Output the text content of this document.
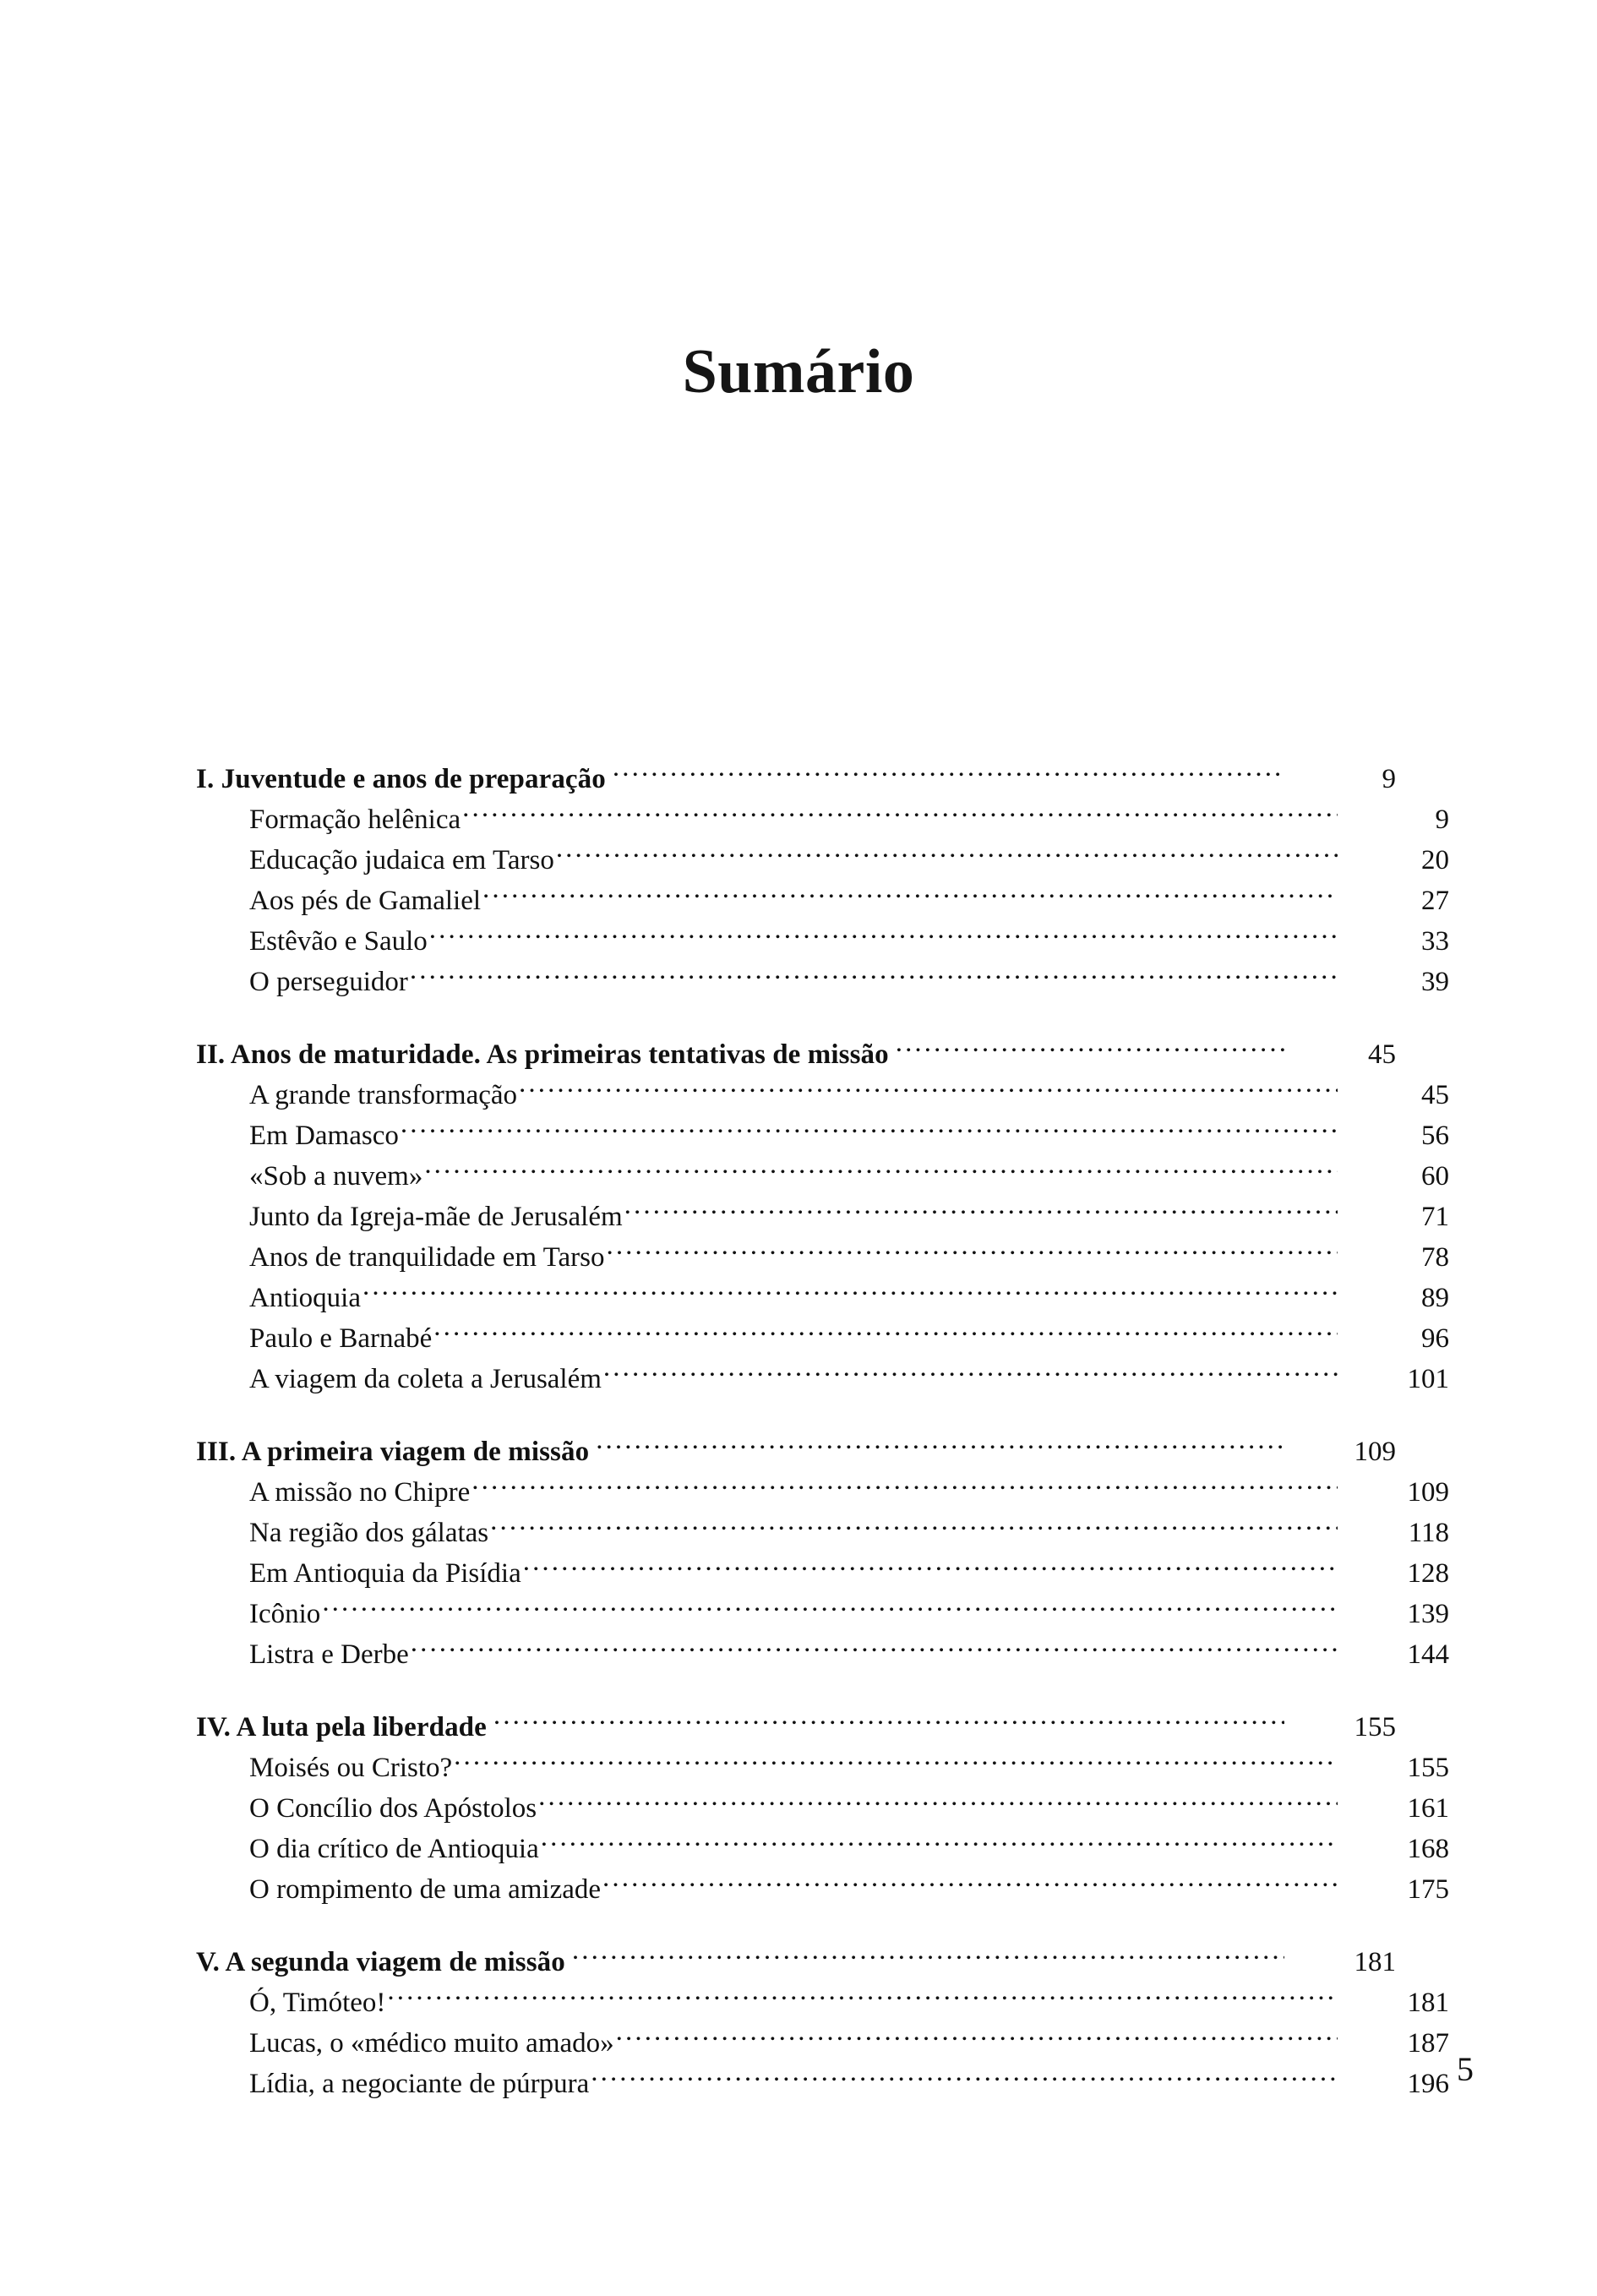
Sumário
I. Juventude e anos de preparação .....	9
Formação helênica .....	9
Educação judaica em Tarso .....	20
Aos pés de Gamaliel .....	27
Estêvão e Saulo .....	33
O perseguidor .....	39
II. Anos de maturidade. As primeiras tentativas de missão .....	45
A grande transformação .....	45
Em Damasco .....	56
«Sob a nuvem» .....	60
Junto da Igreja-mãe de Jerusalém .....	71
Anos de tranquilidade em Tarso .....	78
Antioquia .....	89
Paulo e Barnabé .....	96
A viagem da coleta a Jerusalém .....	101
III. A primeira viagem de missão .....	109
A missão no Chipre .....	109
Na região dos gálatas .....	118
Em Antioquia da Pisídia .....	128
Icônio .....	139
Listra e Derbe .....	144
IV. A luta pela liberdade .....	155
Moisés ou Cristo? .....	155
O Concílio dos Apóstolos .....	161
O dia crítico de Antioquia .....	168
O rompimento de uma amizade .....	175
V. A segunda viagem de missão .....	181
Ó, Timóteo! .....	181
Lucas, o «médico muito amado» .....	187
Lídia, a negociante de púrpura .....	196 5
